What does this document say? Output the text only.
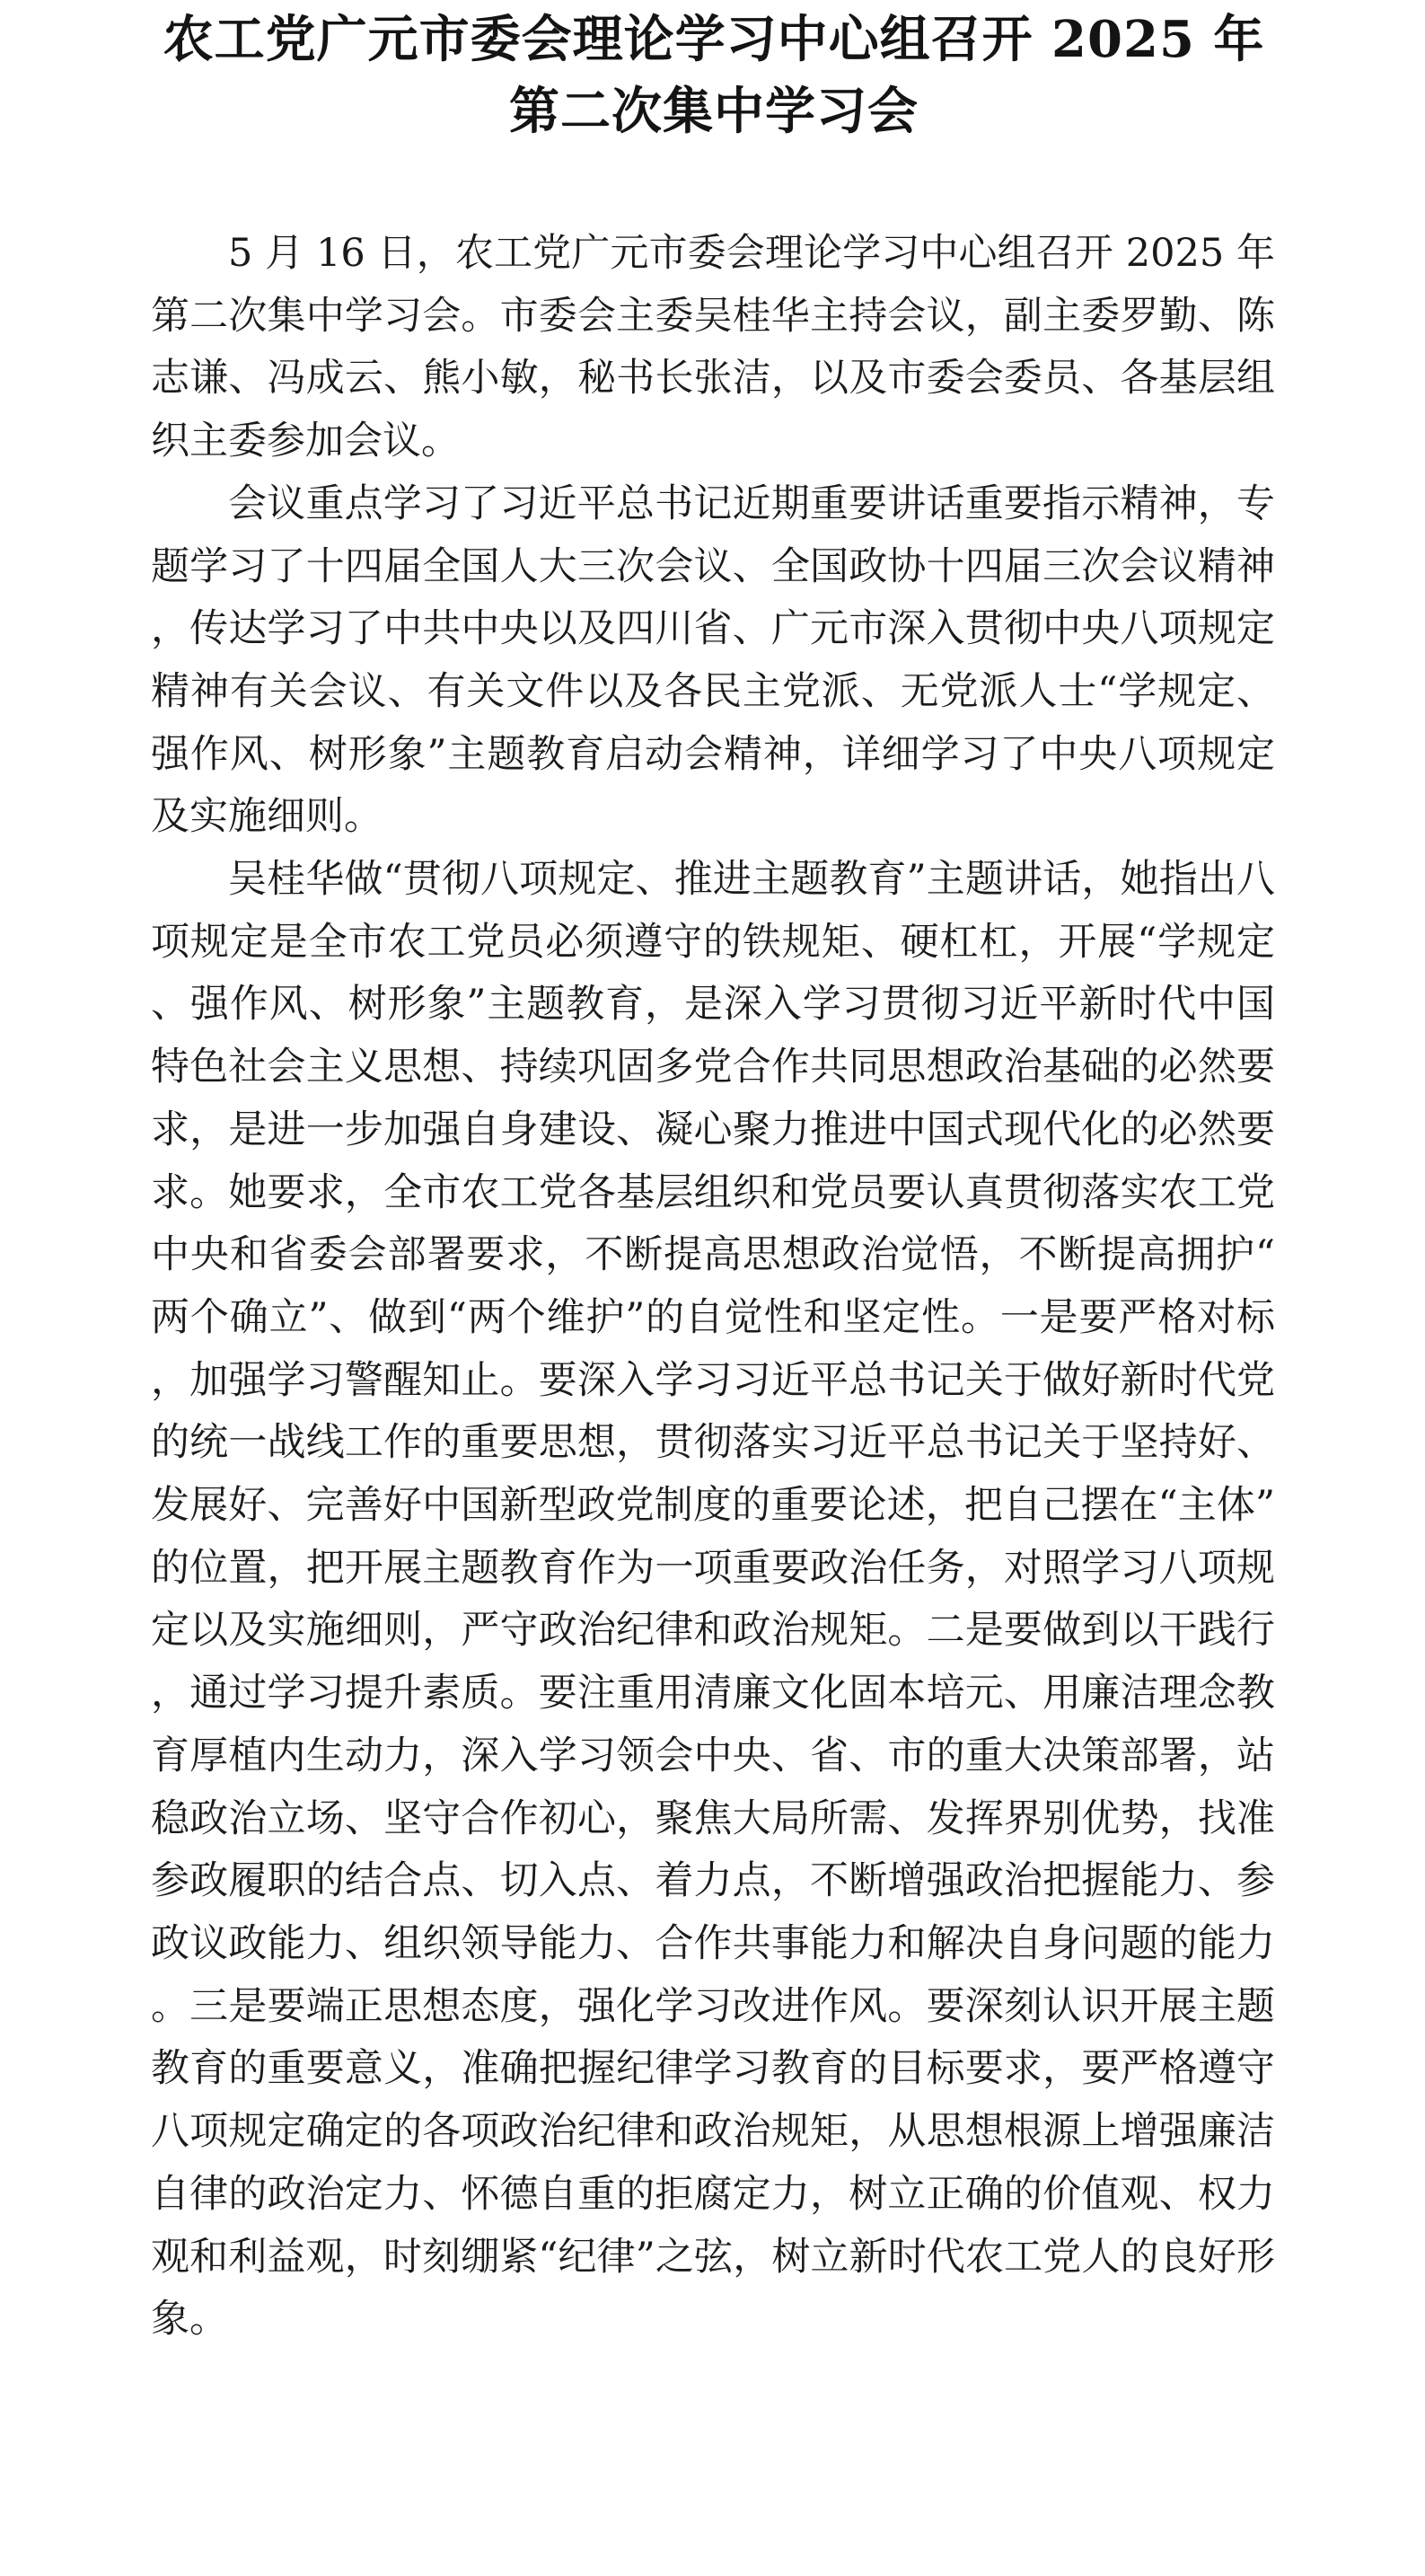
农工党广元市委会理论学习中心组召开 2025 年
第二次集中学习会

5 月 16 日，农工党广元市委会理论学习中心组召开 2025 年第二次集中学习会。市委会主委吴桂华主持会议，副主委罗勤、陈志谦、冯成云、熊小敏，秘书长张洁，以及市委会委员、各基层组织主委参加会议。

会议重点学习了习近平总书记近期重要讲话重要指示精神，专题学习了十四届全国人大三次会议、全国政协十四届三次会议精神，传达学习了中共中央以及四川省、广元市深入贯彻中央八项规定精神有关会议、有关文件以及各民主党派、无党派人士“学规定、强作风、树形象”主题教育启动会精神，详细学习了中央八项规定及实施细则。

吴桂华做“贯彻八项规定、推进主题教育”主题讲话，她指出八项规定是全市农工党员必须遵守的铁规矩、硬杠杠，开展“学规定、强作风、树形象”主题教育，是深入学习贯彻习近平新时代中国特色社会主义思想、持续巩固多党合作共同思想政治基础的必然要求，是进一步加强自身建设、凝心聚力推进中国式现代化的必然要求。她要求，全市农工党各基层组织和党员要认真贯彻落实农工党中央和省委会部署要求，不断提高思想政治觉悟，不断提高拥护“两个确立”、做到“两个维护”的自觉性和坚定性。一是要严格对标，加强学习警醒知止。要深入学习习近平总书记关于做好新时代党的统一战线工作的重要思想，贯彻落实习近平总书记关于坚持好、发展好、完善好中国新型政党制度的重要论述，把自己摆在“主体”的位置，把开展主题教育作为一项重要政治任务，对照学习八项规定以及实施细则，严守政治纪律和政治规矩。二是要做到以干践行，通过学习提升素质。要注重用清廉文化固本培元、用廉洁理念教育厚植内生动力，深入学习领会中央、省、市的重大决策部署，站稳政治立场、坚守合作初心，聚焦大局所需、发挥界别优势，找准参政履职的结合点、切入点、着力点，不断增强政治把握能力、参政议政能力、组织领导能力、合作共事能力和解决自身问题的能力。三是要端正思想态度，强化学习改进作风。要深刻认识开展主题教育的重要意义，准确把握纪律学习教育的目标要求，要严格遵守八项规定确定的各项政治纪律和政治规矩，从思想根源上增强廉洁自律的政治定力、怀德自重的拒腐定力，树立正确的价值观、权力观和利益观，时刻绷紧“纪律”之弦，树立新时代农工党人的良好形象。
